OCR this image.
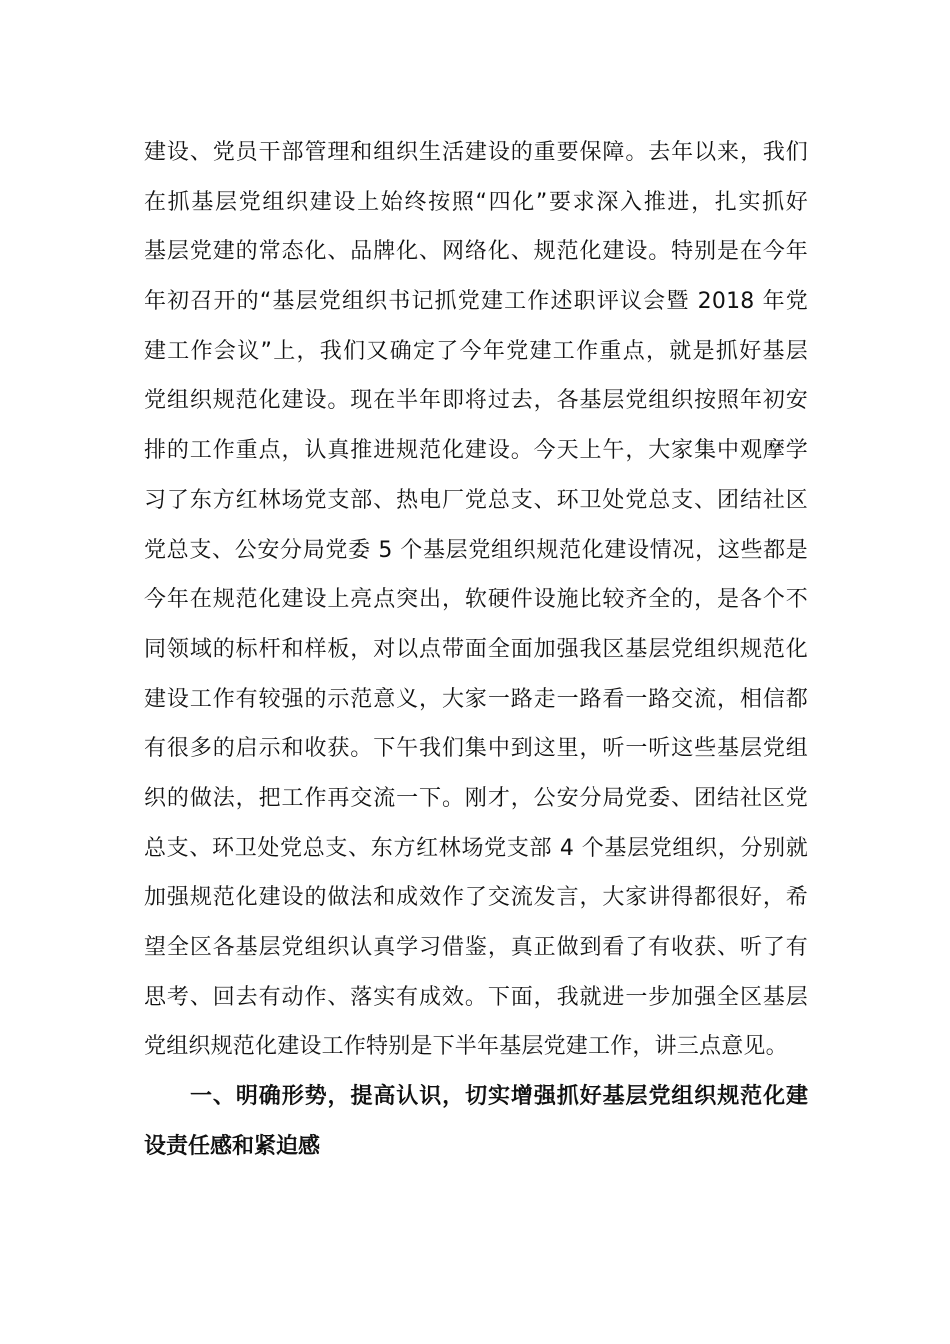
建设、党员干部管理和组织生活建设的重要保障。去年以来，我们
在抓基层党组织建设上始终按照“四化”要求深入推进，扎实抓好
基层党建的常态化、品牌化、网络化、规范化建设。特别是在今年
年初召开的“基层党组织书记抓党建工作述职评议会暨 2018 年党
建工作会议”上，我们又确定了今年党建工作重点，就是抓好基层
党组织规范化建设。现在半年即将过去，各基层党组织按照年初安
排的工作重点，认真推进规范化建设。今天上午，大家集中观摩学
习了东方红林场党支部、热电厂党总支、环卫处党总支、团结社区
党总支、公安分局党委 5 个基层党组织规范化建设情况，这些都是
今年在规范化建设上亮点突出，软硬件设施比较齐全的，是各个不
同领域的标杆和样板，对以点带面全面加强我区基层党组织规范化
建设工作有较强的示范意义，大家一路走一路看一路交流，相信都
有很多的启示和收获。下午我们集中到这里，听一听这些基层党组
织的做法，把工作再交流一下。刚才，公安分局党委、团结社区党
总支、环卫处党总支、东方红林场党支部 4 个基层党组织，分别就
加强规范化建设的做法和成效作了交流发言，大家讲得都很好，希
望全区各基层党组织认真学习借鉴，真正做到看了有收获、听了有
思考、回去有动作、落实有成效。下面，我就进一步加强全区基层
党组织规范化建设工作特别是下半年基层党建工作，讲三点意见。
一、明确形势，提高认识，切实增强抓好基层党组织规范化建
设责任感和紧迫感
